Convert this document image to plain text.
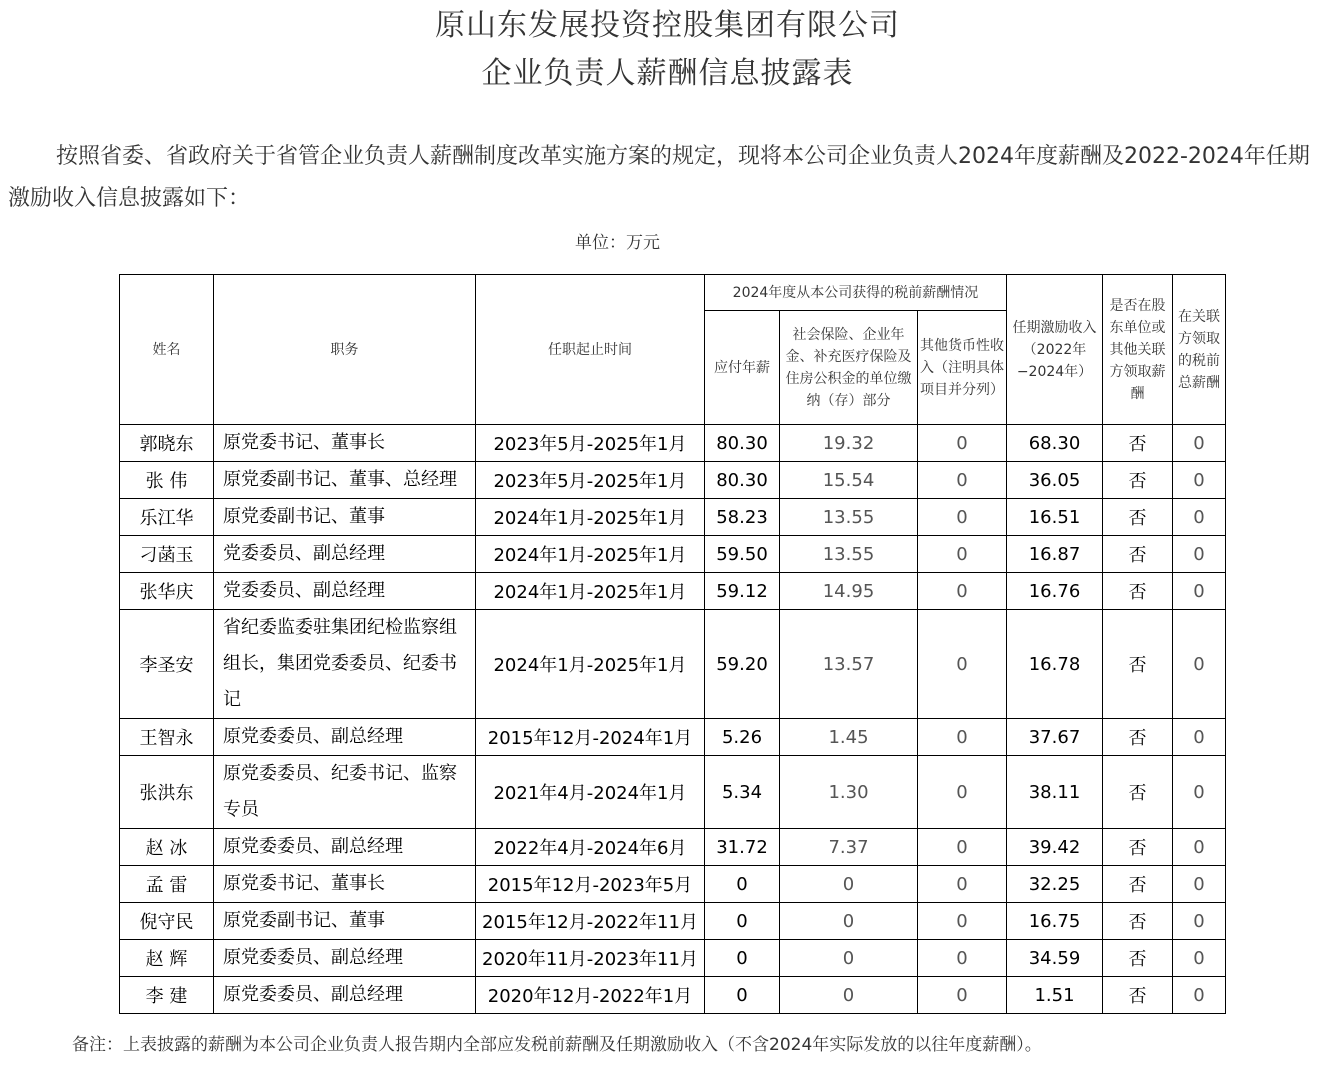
原山东发展投资控股集团有限公司
企业负责人薪酬信息披露表
按照省委、省政府关于省管企业负责人薪酬制度改革实施方案的规定，现将本公司企业负责人2024年度薪酬及2022-2024年任期激励收入信息披露如下：
单位：万元
姓名	职务	任职起止时间	2024年度从本公司获得的税前薪酬情况			任期激励收入（2022年−2024年）	是否在股东单位或其他关联方领取薪酬	在关联方领取的税前总薪酬
			应付年薪	社会保险、企业年金、补充医疗保险及住房公积金的单位缴纳（存）部分	其他货币性收入（注明具体项目并分列）			
郭晓东	原党委书记、董事长	2023年5月-2025年1月	80.30	19.32	0	68.30	否	0
张 伟	原党委副书记、董事、总经理	2023年5月-2025年1月	80.30	15.54	0	36.05	否	0
乐江华	原党委副书记、董事	2024年1月-2025年1月	58.23	13.55	0	16.51	否	0
刁菡玉	党委委员、副总经理	2024年1月-2025年1月	59.50	13.55	0	16.87	否	0
张华庆	党委委员、副总经理	2024年1月-2025年1月	59.12	14.95	0	16.76	否	0
李圣安	省纪委监委驻集团纪检监察组组长，集团党委委员、纪委书记	2024年1月-2025年1月	59.20	13.57	0	16.78	否	0
王智永	原党委委员、副总经理	2015年12月-2024年1月	5.26	1.45	0	37.67	否	0
张洪东	原党委委员、纪委书记、监察专员	2021年4月-2024年1月	5.34	1.30	0	38.11	否	0
赵 冰	原党委委员、副总经理	2022年4月-2024年6月	31.72	7.37	0	39.42	否	0
孟 雷	原党委书记、董事长	2015年12月-2023年5月	0	0	0	32.25	否	0
倪守民	原党委副书记、董事	2015年12月-2022年11月	0	0	0	16.75	否	0
赵 辉	原党委委员、副总经理	2020年11月-2023年11月	0	0	0	34.59	否	0
李 建	原党委委员、副总经理	2020年12月-2022年1月	0	0	0	1.51	否	0
备注：上表披露的薪酬为本公司企业负责人报告期内全部应发税前薪酬及任期激励收入（不含2024年实际发放的以往年度薪酬）。
